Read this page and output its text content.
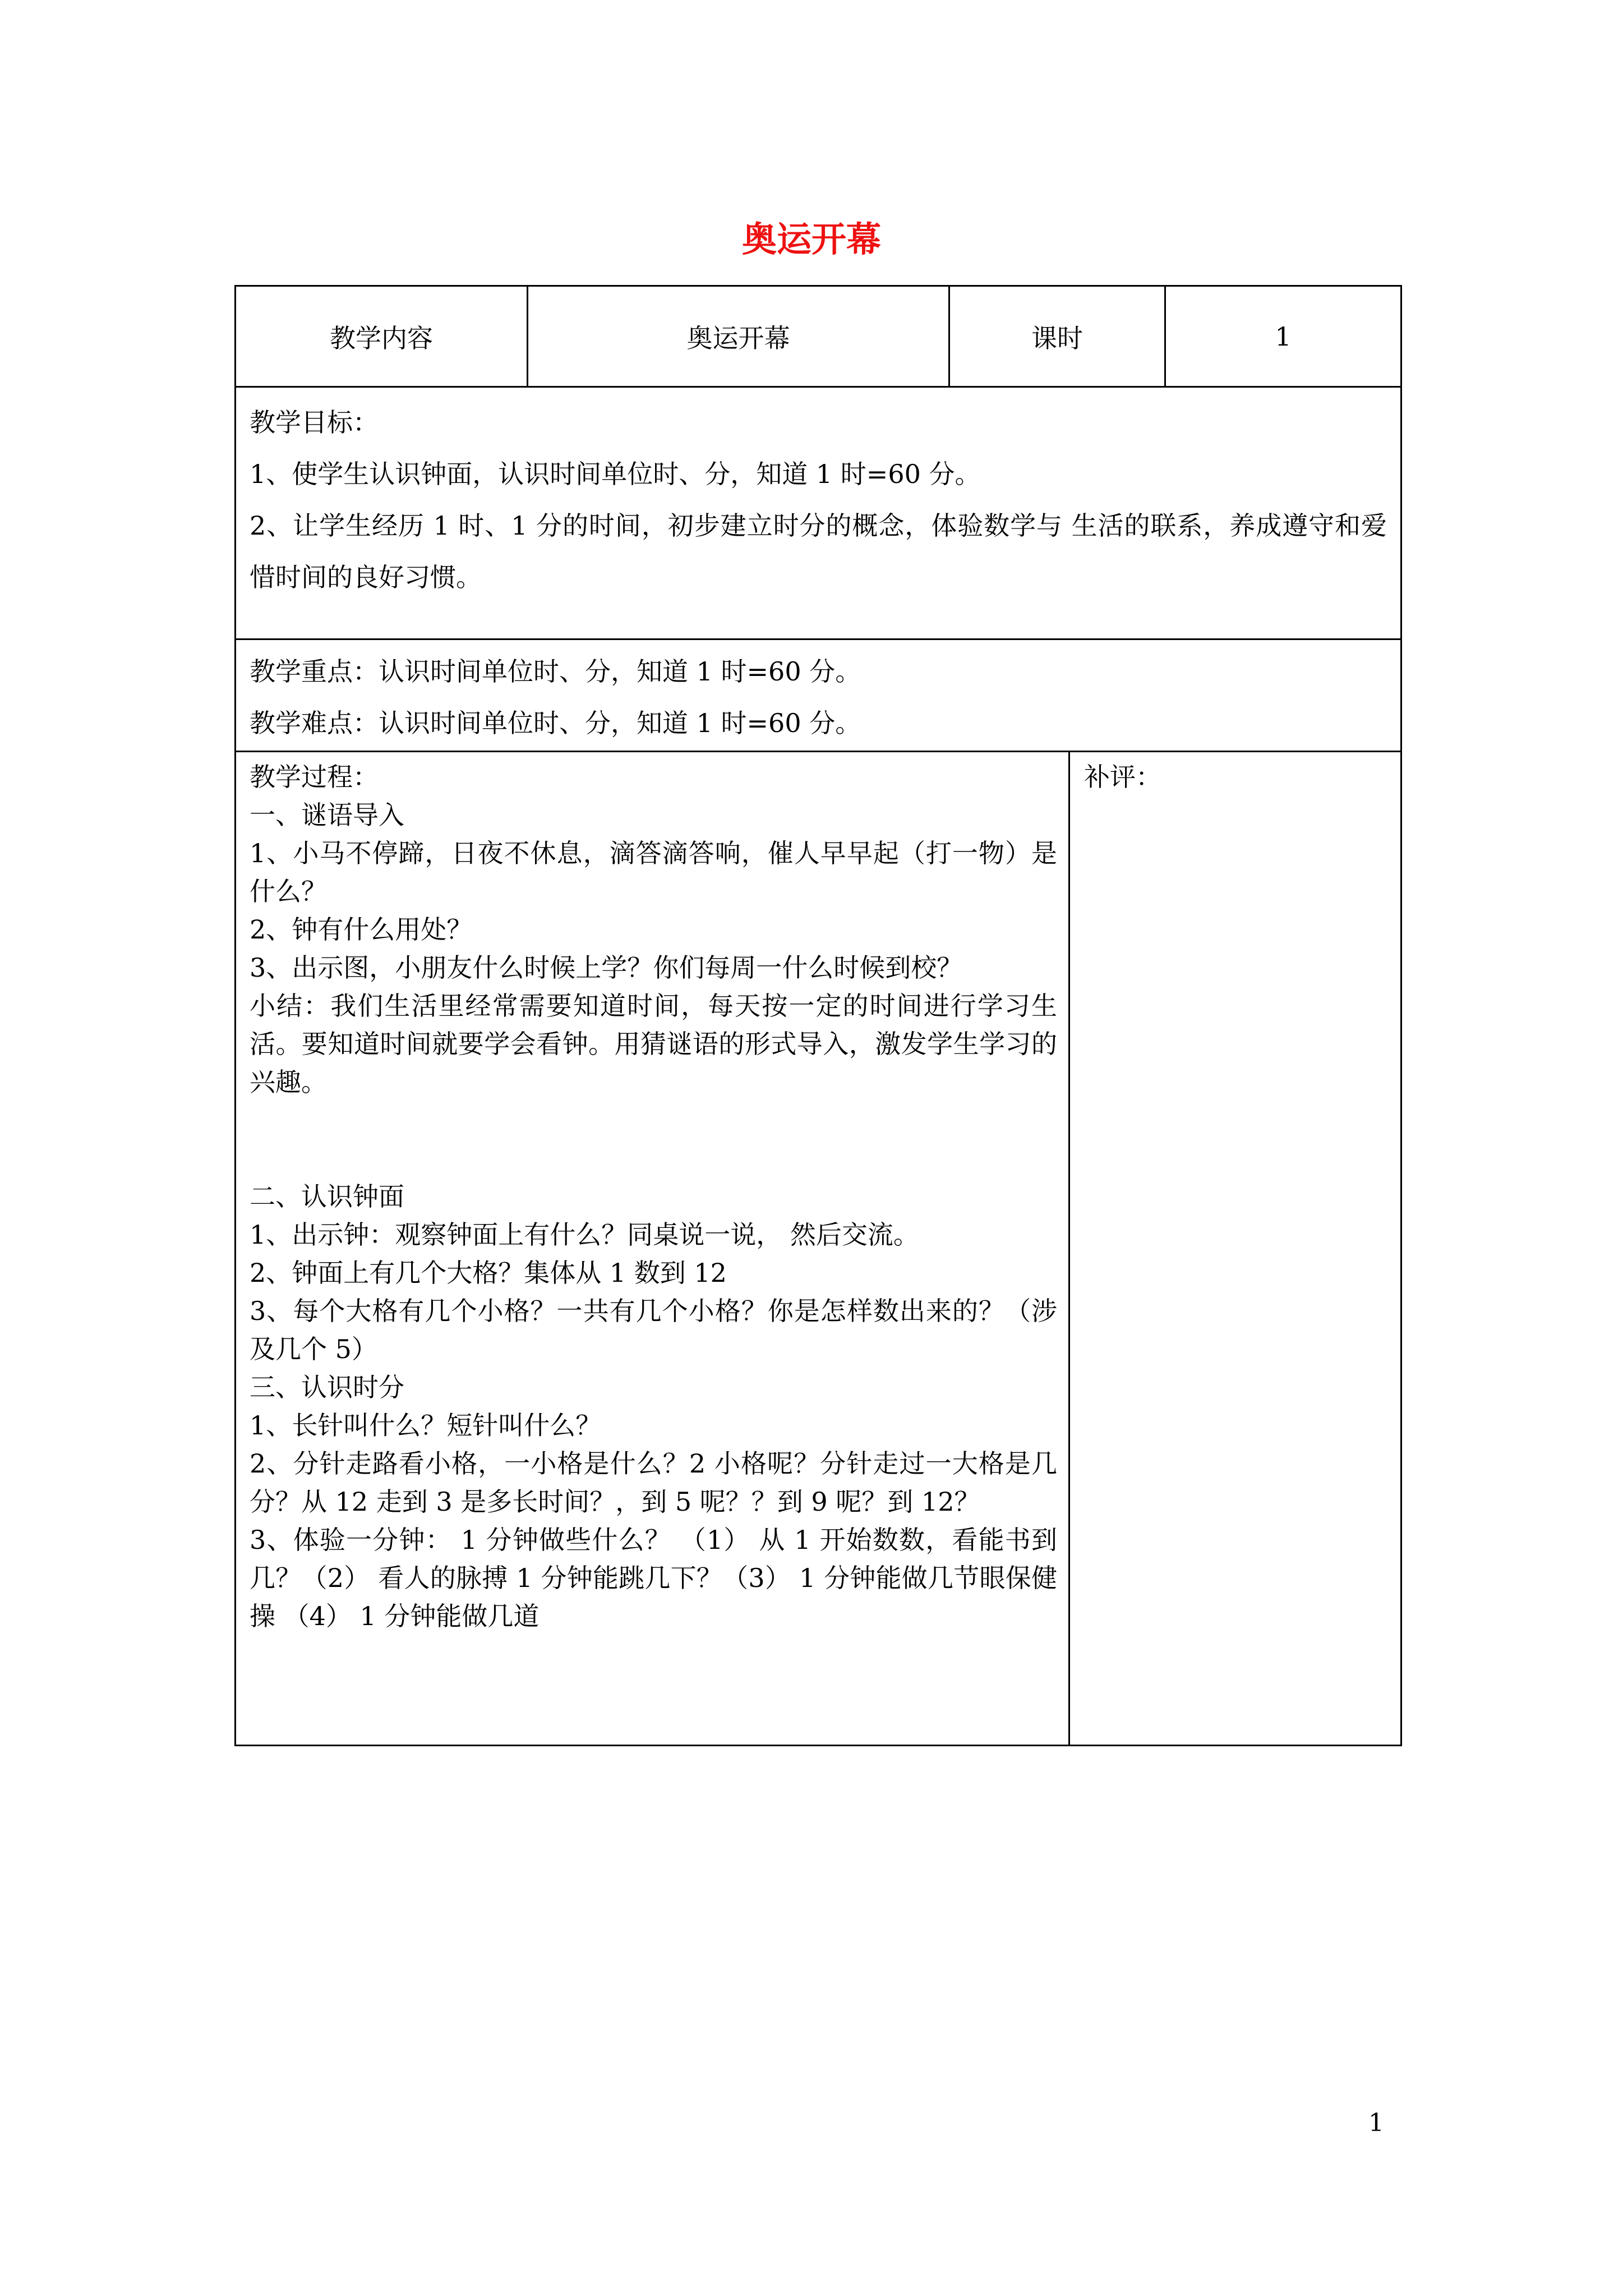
奥运开幕
教学内容	奥运开幕	课时	1

教学目标：

1、使学生认识钟面，认识时间单位时、分，知道 1 时=60 分。

2、让学生经历 1 时、1 分的时间，初步建立时分的概念，体验数学与 生活的联系，养成遵守和爱惜时间的良好习惯。

教学重点：认识时间单位时、分，知道 1 时=60 分。

教学难点：认识时间单位时、分，知道 1 时=60 分。

教学过程：

一、谜语导入

1、小马不停蹄，日夜不休息，滴答滴答响，催人早早起（打一物）是什么？

2、钟有什么用处？

3、出示图，小朋友什么时候上学？你们每周一什么时候到校？

小结：我们生活里经常需要知道时间，每天按一定的时间进行学习生活。要知道时间就要学会看钟。用猜谜语的形式导入，激发学生学习的兴趣。

二、认识钟面

1、出示钟：观察钟面上有什么？同桌说一说， 然后交流。

2、钟面上有几个大格？集体从 1 数到 12

3、每个大格有几个小格？一共有几个小格？你是怎样数出来的？（涉及几个 5）

三、认识时分

1、长针叫什么？短针叫什么？

2、分针走路看小格，一小格是什么？2 小格呢？分针走过一大格是几分？从 12 走到 3 是多长时间？，到 5 呢？？到 9 呢？到 12？

3、体验一分钟： 1 分钟做些什么？ （1） 从 1 开始数数，看能书到几？（2） 看人的脉搏 1 分钟能跳几下？（3） 1 分钟能做几节眼保健操 （4） 1 分钟能做几道

补评：
1
